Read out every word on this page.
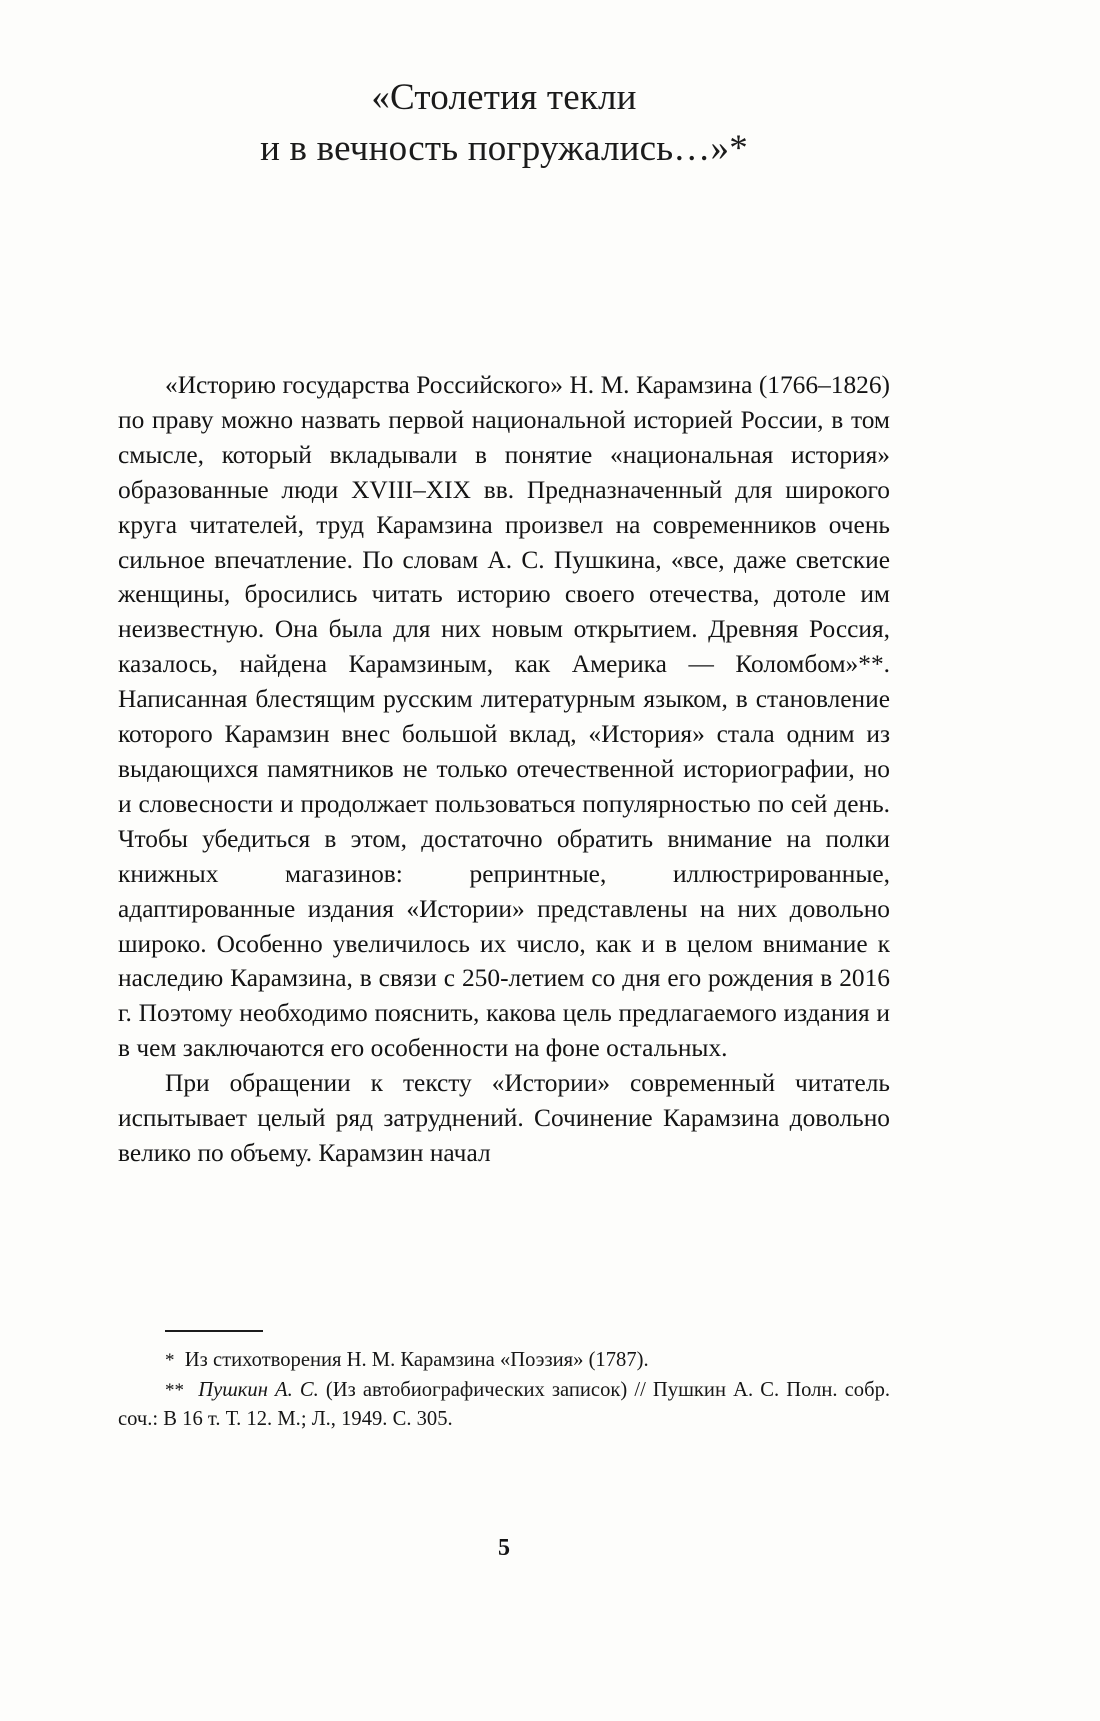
«Столетия текли
и в вечность погружались…»*

«Историю государства Российского» Н. М. Карамзина (1766–1826) по праву можно назвать первой национальной историей России, в том смысле, который вкладывали в понятие «национальная история» образованные люди XVIII–XIX вв. Предназначенный для широкого круга читателей, труд Карамзина произвел на современников очень сильное впечатление. По словам А. С. Пушкина, «все, даже светские женщины, бросились читать историю своего отечества, дотоле им неизвестную. Она была для них новым открытием. Древняя Россия, казалось, найдена Карамзиным, как Америка — Коломбом»**. Написанная блестящим русским литературным языком, в становление которого Карамзин внес большой вклад, «История» стала одним из выдающихся памятников не только отечественной историографии, но и словесности и продолжает пользоваться популярностью по сей день. Чтобы убедиться в этом, достаточно обратить внимание на полки книжных магазинов: репринтные, иллюстрированные, адаптированные издания «Истории» представлены на них довольно широко. Особенно увеличилось их число, как и в целом внимание к наследию Карамзина, в связи с 250-летием со дня его рождения в 2016 г. Поэтому необходимо пояснить, какова цель предлагаемого издания и в чем заключаются его особенности на фоне остальных.

При обращении к тексту «Истории» современный читатель испытывает целый ряд затруднений. Сочинение Карамзина довольно велико по объему. Карамзин начал

* Из стихотворения Н. М. Карамзина «Поэзия» (1787).

** Пушкин А. С. (Из автобиографических записок) // Пушкин А. С. Полн. собр. соч.: В 16 т. Т. 12. М.; Л., 1949. С. 305.

5
